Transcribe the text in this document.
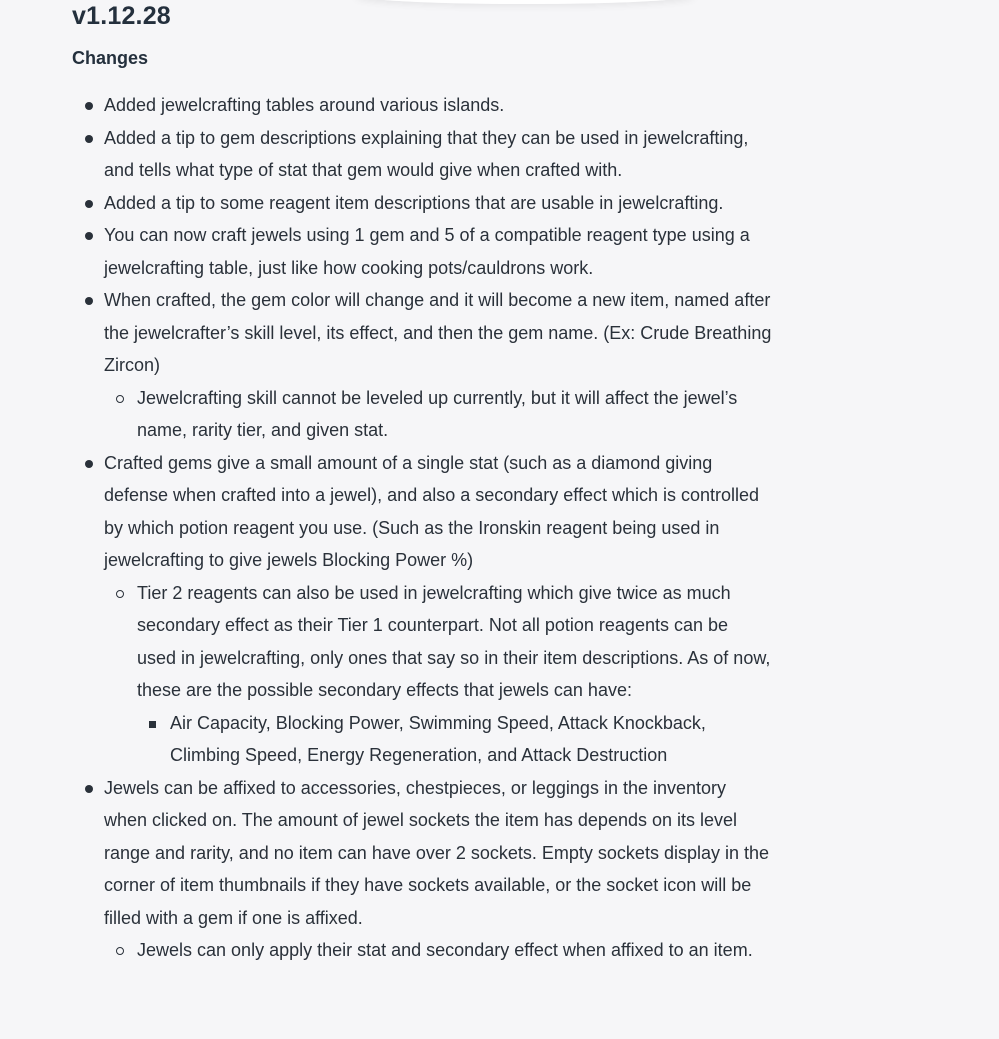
v1.12.28
Changes
Added jewelcrafting tables around various islands.
Added a tip to gem descriptions explaining that they can be used in jewelcrafting, and tells what type of stat that gem would give when crafted with.
Added a tip to some reagent item descriptions that are usable in jewelcrafting.
You can now craft jewels using 1 gem and 5 of a compatible reagent type using a jewelcrafting table, just like how cooking pots/cauldrons work.
When crafted, the gem color will change and it will become a new item, named after the jewelcrafter’s skill level, its effect, and then the gem name. (Ex: Crude Breathing Zircon)
Jewelcrafting skill cannot be leveled up currently, but it will affect the jewel’s name, rarity tier, and given stat.
Crafted gems give a small amount of a single stat (such as a diamond giving defense when crafted into a jewel), and also a secondary effect which is controlled by which potion reagent you use. (Such as the Ironskin reagent being used in jewelcrafting to give jewels Blocking Power %)
Tier 2 reagents can also be used in jewelcrafting which give twice as much secondary effect as their Tier 1 counterpart. Not all potion reagents can be used in jewelcrafting, only ones that say so in their item descriptions. As of now, these are the possible secondary effects that jewels can have:
Air Capacity, Blocking Power, Swimming Speed, Attack Knockback, Climbing Speed, Energy Regeneration, and Attack Destruction
Jewels can be affixed to accessories, chestpieces, or leggings in the inventory when clicked on. The amount of jewel sockets the item has depends on its level range and rarity, and no item can have over 2 sockets. Empty sockets display in the corner of item thumbnails if they have sockets available, or the socket icon will be filled with a gem if one is affixed.
Jewels can only apply their stat and secondary effect when affixed to an item.
